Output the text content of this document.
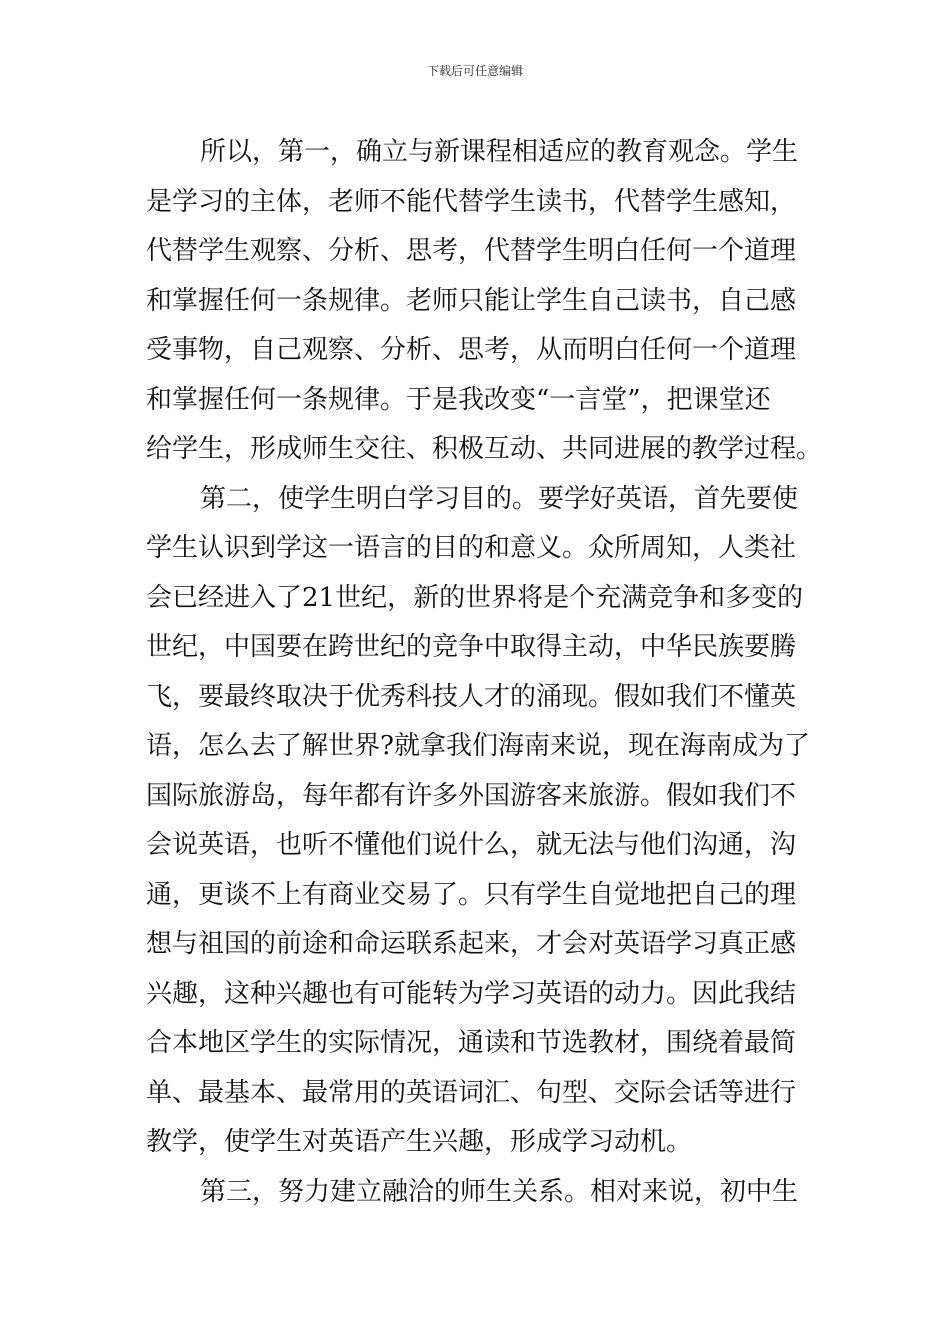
下载后可任意编辑
所以，第一，确立与新课程相适应的教育观念。学生
是学习的主体，老师不能代替学生读书，代替学生感知，
代替学生观察、分析、思考，代替学生明白任何一个道理
和掌握任何一条规律。老师只能让学生自己读书，自己感
受事物，自己观察、分析、思考，从而明白任何一个道理
和掌握任何一条规律。于是我改变“一言堂”，把课堂还
给学生，形成师生交往、积极互动、共同进展的教学过程。
第二，使学生明白学习目的。要学好英语，首先要使
学生认识到学这一语言的目的和意义。众所周知，人类社
会已经进入了21世纪，新的世界将是个充满竞争和多变的
世纪，中国要在跨世纪的竞争中取得主动，中华民族要腾
飞，要最终取决于优秀科技人才的涌现。假如我们不懂英
语，怎么去了解世界?就拿我们海南来说，现在海南成为了
国际旅游岛，每年都有许多外国游客来旅游。假如我们不
会说英语，也听不懂他们说什么，就无法与他们沟通，沟
通，更谈不上有商业交易了。只有学生自觉地把自己的理
想与祖国的前途和命运联系起来，才会对英语学习真正感
兴趣，这种兴趣也有可能转为学习英语的动力。因此我结
合本地区学生的实际情况，通读和节选教材，围绕着最简
单、最基本、最常用的英语词汇、句型、交际会话等进行
教学，使学生对英语产生兴趣，形成学习动机。
第三，努力建立融洽的师生关系。相对来说，初中生
